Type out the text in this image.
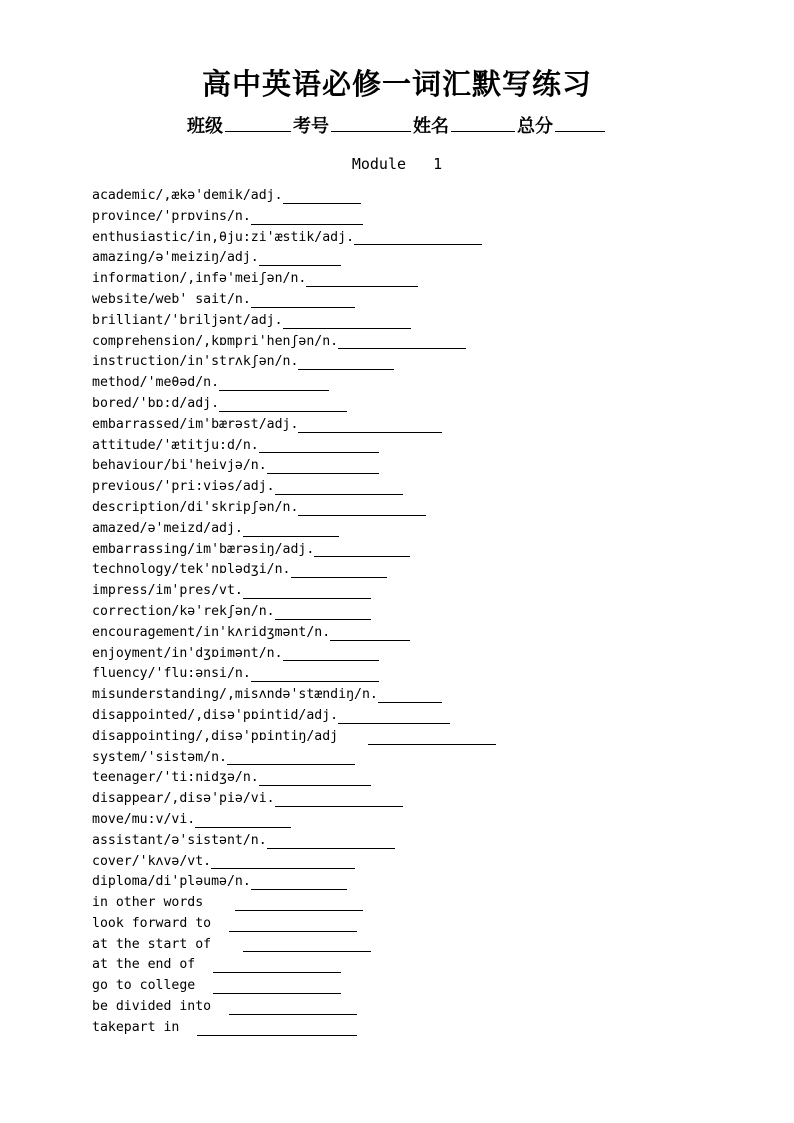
高中英语必修一词汇默写练习
班级	考号	姓名	总分
Module   1
academic/,ækə'demik/adj.
province/'prɒvins/n.
enthusiastic/in,θju:zi'æstik/adj.
amazing/ə'meiziŋ/adj.
information/,infə'meiʃən/n.
website/web' sait/n.
brilliant/'briljənt/adj.
comprehension/,kɒmpri'henʃən/n.
instruction/in'strʌkʃən/n.
method/'meθəd/n.
bored/'bɒ:d/adj.
embarrassed/im'bærəst/adj.
attitude/'ætitju:d/n.
behaviour/bi'heivjə/n.
previous/'pri:viəs/adj.
description/di'skripʃən/n.
amazed/ə'meizd/adj.
embarrassing/im'bærəsiŋ/adj.
technology/tek'nɒlədʒi/n.
impress/im'pres/vt.
correction/kə'rekʃən/n.
encouragement/in'kʌridʒmənt/n.
enjoyment/in'dʒɒimənt/n.
fluency/'flu:ənsi/n.
misunderstanding/,misʌndə'stændiŋ/n.
disappointed/,disə'pɒintid/adj.
disappointing/,disə'pɒintiŋ/adj
system/'sistəm/n.
teenager/'ti:nidʒə/n.
disappear/,disə'piə/vi.
move/mu:v/vi.
assistant/ə'sistənt/n.
cover/'kʌvə/vt.
diploma/di'pləumə/n.
in other words
look forward to
at the start of
at the end of
go to college
be divided into
takepart in
